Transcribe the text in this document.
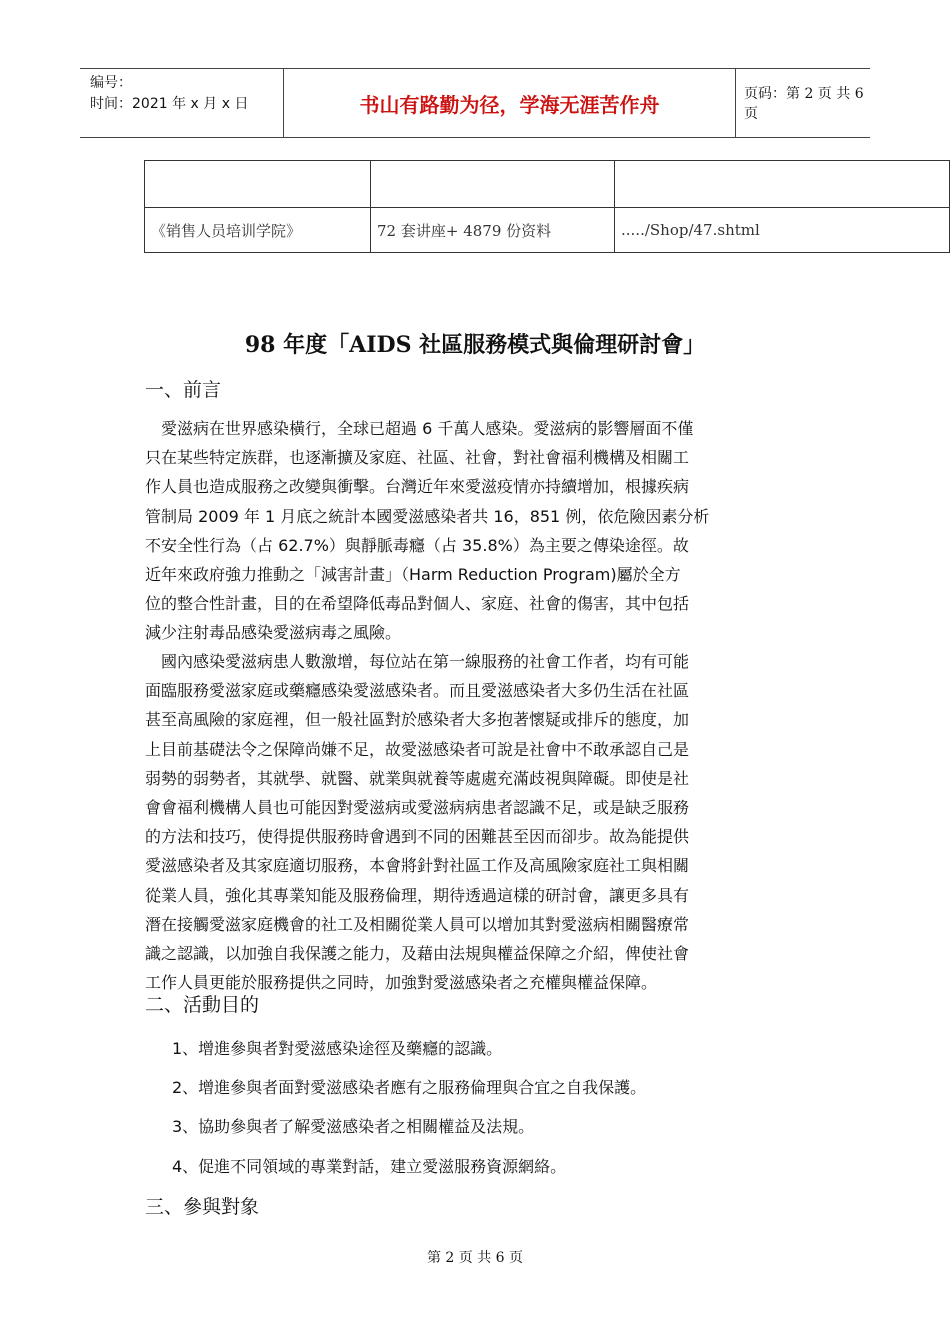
编号：
时间：2021 年 x 月 x 日	书山有路勤为径，学海无涯苦作舟	页码：第 2 页 共 6 页

《销售人员培训学院》	72 套讲座+ 4879 份资料	...../Shop/47.shtml
98 年度「AIDS 社區服務模式與倫理研討會」
一、前言
　愛滋病在世界感染橫行，全球已超過 6 千萬人感染。愛滋病的影響層面不僅
只在某些特定族群，也逐漸擴及家庭、社區、社會，對社會福利機構及相關工
作人員也造成服務之改變與衝擊。台灣近年來愛滋疫情亦持續增加，根據疾病
管制局 2009 年 1 月底之統計本國愛滋感染者共 16，851 例，依危險因素分析
不安全性行為（占 62.7%）與靜脈毒癮（占 35.8%）為主要之傳染途徑。故
近年來政府強力推動之「減害計畫」（Harm Reduction Program)屬於全方
位的整合性計畫，目的在希望降低毒品對個人、家庭、社會的傷害，其中包括
減少注射毒品感染愛滋病毒之風險。
　國內感染愛滋病患人數激增，每位站在第一線服務的社會工作者，均有可能
面臨服務愛滋家庭或藥癮感染愛滋感染者。而且愛滋感染者大多仍生活在社區
甚至高風險的家庭裡，但一般社區對於感染者大多抱著懷疑或排斥的態度，加
上目前基礎法令之保障尚嫌不足，故愛滋感染者可說是社會中不敢承認自己是
弱勢的弱勢者，其就學、就醫、就業與就養等處處充滿歧視與障礙。即使是社
會會福利機構人員也可能因對愛滋病或愛滋病病患者認識不足，或是缺乏服務
的方法和技巧，使得提供服務時會遇到不同的困難甚至因而卻步。故為能提供
愛滋感染者及其家庭適切服務，本會將針對社區工作及高風險家庭社工與相關
從業人員，強化其專業知能及服務倫理，期待透過這樣的研討會，讓更多具有
潛在接觸愛滋家庭機會的社工及相關從業人員可以增加其對愛滋病相關醫療常
識之認識，以加強自我保護之能力，及藉由法規與權益保障之介紹，俾使社會
工作人員更能於服務提供之同時，加強對愛滋感染者之充權與權益保障。
二、活動目的
1、增進參與者對愛滋感染途徑及藥癮的認識。
2、增進參與者面對愛滋感染者應有之服務倫理與合宜之自我保護。
3、協助參與者了解愛滋感染者之相關權益及法規。
4、促進不同領域的專業對話，建立愛滋服務資源網絡。
三、參與對象
第 2 页 共 6 页
